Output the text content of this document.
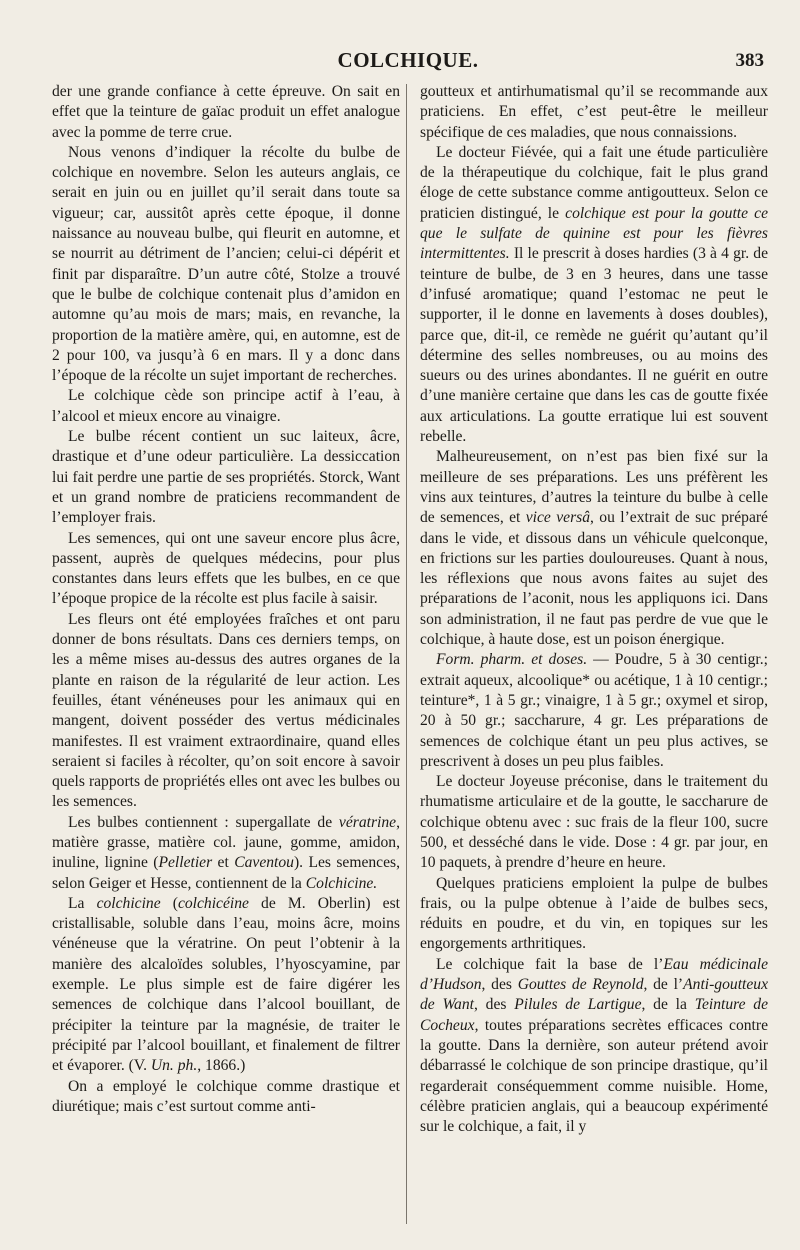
COLCHIQUE.	383

der une grande confiance à cette épreuve. On sait en effet que la teinture de gaïac produit un effet analogue avec la pomme de terre crue.

Nous venons d’indiquer la récolte du bulbe de colchique en novembre. Selon les auteurs anglais, ce serait en juin ou en juillet qu’il serait dans toute sa vigueur; car, aussitôt après cette époque, il donne naissance au nouveau bulbe, qui fleurit en automne, et se nourrit au détriment de l’ancien; celui-ci dépérit et finit par disparaître. D’un autre côté, Stolze a trouvé que le bulbe de colchique contenait plus d’amidon en automne qu’au mois de mars; mais, en revanche, la proportion de la matière amère, qui, en automne, est de 2 pour 100, va jusqu’à 6 en mars. Il y a donc dans l’époque de la récolte un sujet important de recherches.

Le colchique cède son principe actif à l’eau, à l’alcool et mieux encore au vinaigre.

Le bulbe récent contient un suc laiteux, âcre, drastique et d’une odeur particulière. La dessiccation lui fait perdre une partie de ses propriétés. Storck, Want et un grand nombre de praticiens recommandent de l’employer frais.

Les semences, qui ont une saveur encore plus âcre, passent, auprès de quelques médecins, pour plus constantes dans leurs effets que les bulbes, en ce que l’époque propice de la récolte est plus facile à saisir.

Les fleurs ont été employées fraîches et ont paru donner de bons résultats. Dans ces derniers temps, on les a même mises au-dessus des autres organes de la plante en raison de la régularité de leur action. Les feuilles, étant vénéneuses pour les animaux qui en mangent, doivent posséder des vertus médicinales manifestes. Il est vraiment extraordinaire, quand elles seraient si faciles à récolter, qu’on soit encore à savoir quels rapports de propriétés elles ont avec les bulbes ou les semences.

Les bulbes contiennent : supergallate de vératrine, matière grasse, matière col. jaune, gomme, amidon, inuline, lignine (Pelletier et Caventou). Les semences, selon Geiger et Hesse, contiennent de la Colchicine.

La colchicine (colchicéine de M. Oberlin) est cristallisable, soluble dans l’eau, moins âcre, moins vénéneuse que la vératrine. On peut l’obtenir à la manière des alcaloïdes solubles, l’hyoscyamine, par exemple. Le plus simple est de faire digérer les semences de colchique dans l’alcool bouillant, de précipiter la teinture par la magnésie, de traiter le précipité par l’alcool bouillant, et finalement de filtrer et évaporer. (V. Un. ph., 1866.)

On a employé le colchique comme drastique et diurétique; mais c’est surtout comme anti-

goutteux et antirhumatismal qu’il se recommande aux praticiens. En effet, c’est peut-être le meilleur spécifique de ces maladies, que nous connaissions.

Le docteur Fiévée, qui a fait une étude particulière de la thérapeutique du colchique, fait le plus grand éloge de cette substance comme antigoutteux. Selon ce praticien distingué, le colchique est pour la goutte ce que le sulfate de quinine est pour les fièvres intermittentes. Il le prescrit à doses hardies (3 à 4 gr. de teinture de bulbe, de 3 en 3 heures, dans une tasse d’infusé aromatique; quand l’estomac ne peut le supporter, il le donne en lavements à doses doubles), parce que, dit-il, ce remède ne guérit qu’autant qu’il détermine des selles nombreuses, ou au moins des sueurs ou des urines abondantes. Il ne guérit en outre d’une manière certaine que dans les cas de goutte fixée aux articulations. La goutte erratique lui est souvent rebelle.

Malheureusement, on n’est pas bien fixé sur la meilleure de ses préparations. Les uns préfèrent les vins aux teintures, d’autres la teinture du bulbe à celle de semences, et vice versâ, ou l’extrait de suc préparé dans le vide, et dissous dans un véhicule quelconque, en frictions sur les parties douloureuses. Quant à nous, les réflexions que nous avons faites au sujet des préparations de l’aconit, nous les appliquons ici. Dans son administration, il ne faut pas perdre de vue que le colchique, à haute dose, est un poison énergique.

Form. pharm. et doses. — Poudre, 5 à 30 centigr.; extrait aqueux, alcoolique* ou acétique, 1 à 10 centigr.; teinture*, 1 à 5 gr.; vinaigre, 1 à 5 gr.; oxymel et sirop, 20 à 50 gr.; saccharure, 4 gr. Les préparations de semences de colchique étant un peu plus actives, se prescrivent à doses un peu plus faibles.

Le docteur Joyeuse préconise, dans le traitement du rhumatisme articulaire et de la goutte, le saccharure de colchique obtenu avec : suc frais de la fleur 100, sucre 500, et desséché dans le vide. Dose : 4 gr. par jour, en 10 paquets, à prendre d’heure en heure.

Quelques praticiens emploient la pulpe de bulbes frais, ou la pulpe obtenue à l’aide de bulbes secs, réduits en poudre, et du vin, en topiques sur les engorgements arthritiques.

Le colchique fait la base de l’Eau médicinale d’Hudson, des Gouttes de Reynold, de l’Anti-goutteux de Want, des Pilules de Lartigue, de la Teinture de Cocheux, toutes préparations secrètes efficaces contre la goutte. Dans la dernière, son auteur prétend avoir débarrassé le colchique de son principe drastique, qu’il regarderait conséquemment comme nuisible. Home, célèbre praticien anglais, qui a beaucoup expérimenté sur le colchique, a fait, il y
